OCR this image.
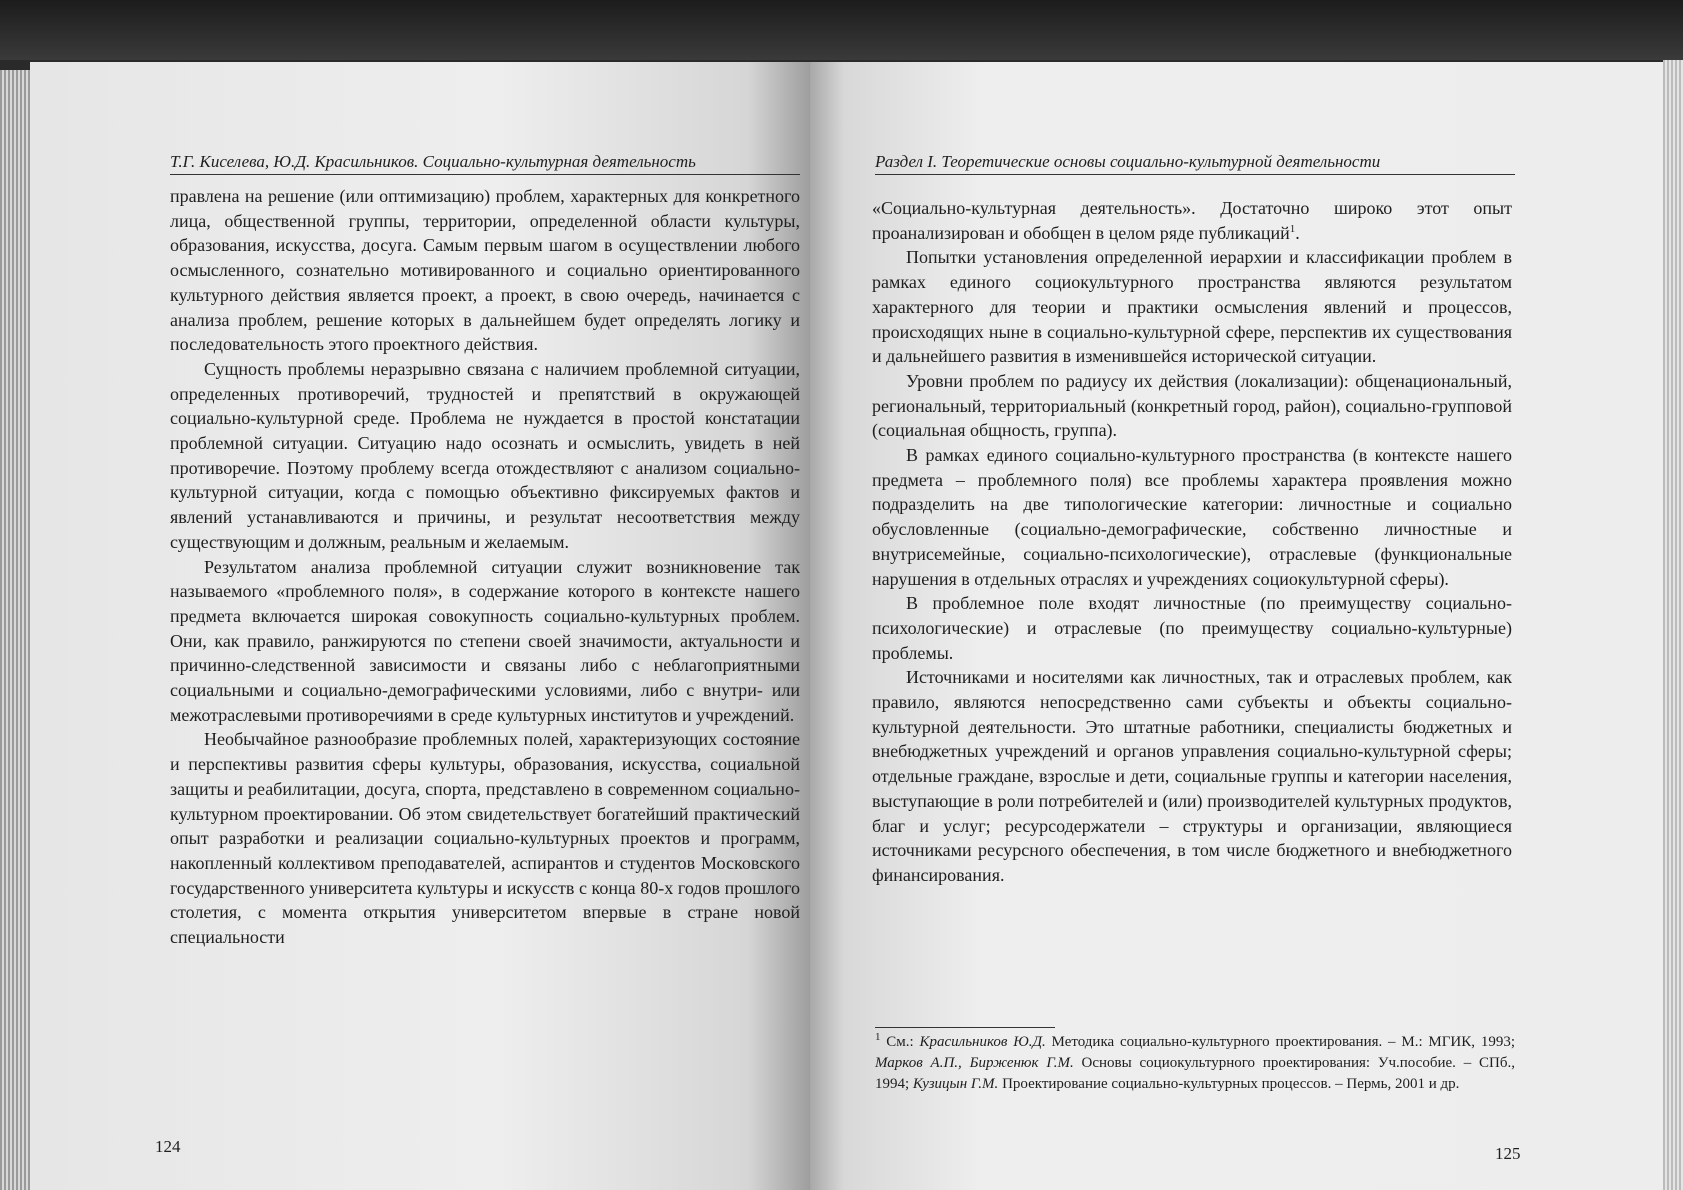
Т.Г. Киселева, Ю.Д. Красильников. Социально-культурная деятельность

правлена на решение (или оптимизацию) проблем, характерных для конкретного лица, общественной группы, территории, определенной области культуры, образования, искусства, досуга. Самым первым шагом в осуществлении любого осмысленного, сознательно мотивированного и социально ориентированного культурного действия является проект, а проект, в свою очередь, начинается с анализа проблем, решение которых в дальнейшем будет определять логику и последовательность этого проектного действия.

Сущность проблемы неразрывно связана с наличием проблемной ситуации, определенных противоречий, трудностей и препятствий в окружающей социально-культурной среде. Проблема не нуждается в простой констатации проблемной ситуации. Ситуацию надо осознать и осмыслить, увидеть в ней противоречие. Поэтому проблему всегда отождествляют с анализом социально-культурной ситуации, когда с помощью объективно фиксируемых фактов и явлений устанавливаются и причины, и результат несоответствия между существующим и должным, реальным и желаемым.

Результатом анализа проблемной ситуации служит возникновение так называемого «проблемного поля», в содержание которого в контексте нашего предмета включается широкая совокупность социально-культурных проблем. Они, как правило, ранжируются по степени своей значимости, актуальности и причинно-следственной зависимости и связаны либо с неблагоприятными социальными и социально-демографическими условиями, либо с внутри- или межотраслевыми противоречиями в среде культурных институтов и учреждений.

Необычайное разнообразие проблемных полей, характеризующих состояние и перспективы развития сферы культуры, образования, искусства, социальной защиты и реабилитации, досуга, спорта, представлено в современном социально-культурном проектировании. Об этом свидетельствует богатейший практический опыт разработки и реализации социально-культурных проектов и программ, накопленный коллективом преподавателей, аспирантов и студентов Московского государственного университета культуры и искусств с конца 80-х годов прошлого столетия, с момента открытия университетом впервые в стране новой специальности

124
Раздел I. Теоретические основы социально-культурной деятельности

«Социально-культурная деятельность». Достаточно широко этот опыт проанализирован и обобщен в целом ряде публикаций$^1$.

Попытки установления определенной иерархии и классификации проблем в рамках единого социокультурного пространства являются результатом характерного для теории и практики осмысления явлений и процессов, происходящих ныне в социально-культурной сфере, перспектив их существования и дальнейшего развития в изменившейся исторической ситуации.

Уровни проблем по радиусу их действия (локализации): общенациональный, региональный, территориальный (конкретный город, район), социально-групповой (социальная общность, группа).

В рамках единого социально-культурного пространства (в контексте нашего предмета – проблемного поля) все проблемы характера проявления можно подразделить на две типологические категории: личностные и социально обусловленные (социально-демографические, собственно личностные и внутрисемейные, социально-психологические), отраслевые (функциональные нарушения в отдельных отраслях и учреждениях социокультурной сферы).

В проблемное поле входят личностные (по преимуществу социально-психологические) и отраслевые (по преимуществу социально-культурные) проблемы.

Источниками и носителями как личностных, так и отраслевых проблем, как правило, являются непосредственно сами субъекты и объекты социально-культурной деятельности. Это штатные работники, специалисты бюджетных и внебюджетных учреждений и органов управления социально-культурной сферы; отдельные граждане, взрослые и дети, социальные группы и категории населения, выступающие в роли потребителей и (или) производителей культурных продуктов, благ и услуг; ресурсодержатели – структуры и организации, являющиеся источниками ресурсного обеспечения, в том числе бюджетного и внебюджетного финансирования.

$^1$ См.: Красильников Ю.Д. Методика социально-культурного проектирования. – М.: МГИК, 1993; Марков А.П., Бирженюк Г.М. Основы социокультурного проектирования: Уч.пособие. – СПб., 1994; Кузицын Г.М. Проектирование социально-культурных процессов. – Пермь, 2001 и др.
125
